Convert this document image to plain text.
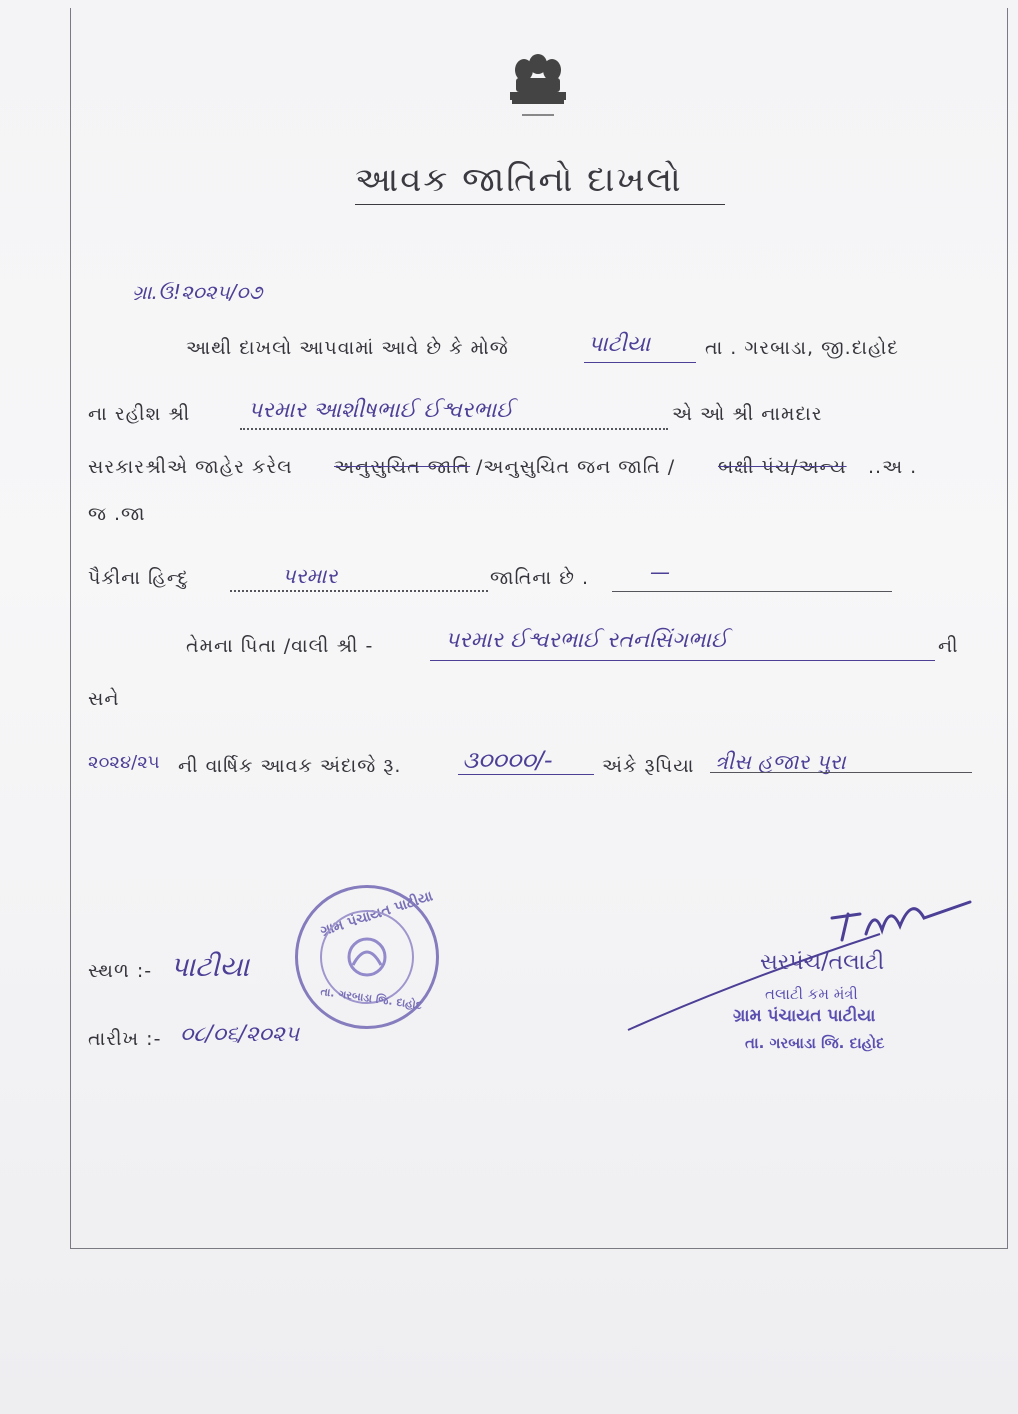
આવક જાતિનો દાખલો
ગ્રા.ઉ!૨૦૨૫/૦૭
આથી દાખલો આપવામાં આવે છે કે મોજે	પાટીયા	તા . ગરબાડા, જી.દાહોદ
ના રહીશ શ્રી	પરમાર આશીષભાઈ ઈશ્વરભાઈ	એ ઓ શ્રી નામદાર
સરકારશ્રીએ જાહેર કરેલ અનુસુચિત જાતિ /અનુસુચિત જન જાતિ / બક્ષી પંચ/અન્ય ..અ .
જ .જા
પૈકીના હિન્દુ	પરમાર	જાતિના છે .	—
તેમના પિતા /વાલી શ્રી -	પરમાર ઈશ્વરભાઈ રતનસિંગભાઈ	ની
સને
૨૦૨૪/૨૫ ની વાર્ષિક આવક અંદાજે રૂ.	૩૦૦૦૦/-	અંકે રૂપિયા ત્રીસ હજાર પુરા
ગ્રામ પંચાયત પાટીયા
તા. ગરબાડા જિ. દાહોદ
સ્થળ :- પાટીયા
તારીખ :- ૦૮/૦૬/૨૦૨૫
સરપંચ/તલાટી
તલાટી કમ મંત્રી
ગ્રામ પંચાયત પાટીયા
તા. ગરબાડા જિ. દાહોદ
